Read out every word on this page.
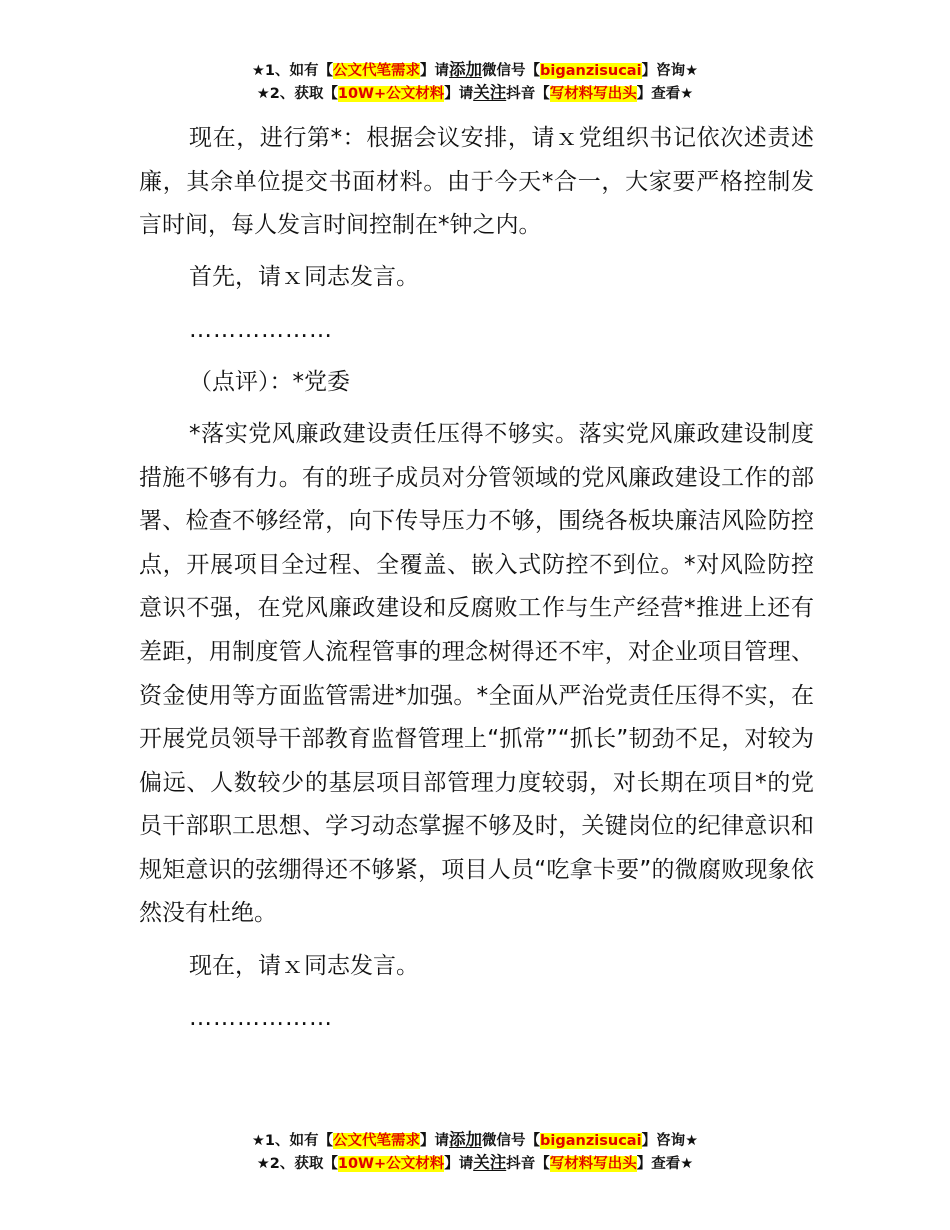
★1、如有【公文代笔需求】请添加微信号【biganzisucai】咨询★
★2、获取【10W+公文材料】请关注抖音【写材料写出头】查看★

现在，进行第*：根据会议安排，请ｘ党组织书记依次述责述廉，其余单位提交书面材料。由于今天*合一，大家要严格控制发言时间，每人发言时间控制在*钟之内。

首先，请ｘ同志发言。

………………

（点评）：*党委

*落实党风廉政建设责任压得不够实。落实党风廉政建设制度措施不够有力。有的班子成员对分管领域的党风廉政建设工作的部署、检查不够经常，向下传导压力不够，围绕各板块廉洁风险防控点，开展项目全过程、全覆盖、嵌入式防控不到位。*对风险防控意识不强，在党风廉政建设和反腐败工作与生产经营*推进上还有差距，用制度管人流程管事的理念树得还不牢，对企业项目管理、资金使用等方面监管需进*加强。*全面从严治党责任压得不实，在开展党员领导干部教育监督管理上“抓常”“抓长”韧劲不足，对较为偏远、人数较少的基层项目部管理力度较弱，对长期在项目*的党员干部职工思想、学习动态掌握不够及时，关键岗位的纪律意识和规矩意识的弦绷得还不够紧，项目人员“吃拿卡要”的微腐败现象依然没有杜绝。

现在，请ｘ同志发言。

………………

★1、如有【公文代笔需求】请添加微信号【biganzisucai】咨询★
★2、获取【10W+公文材料】请关注抖音【写材料写出头】查看★
